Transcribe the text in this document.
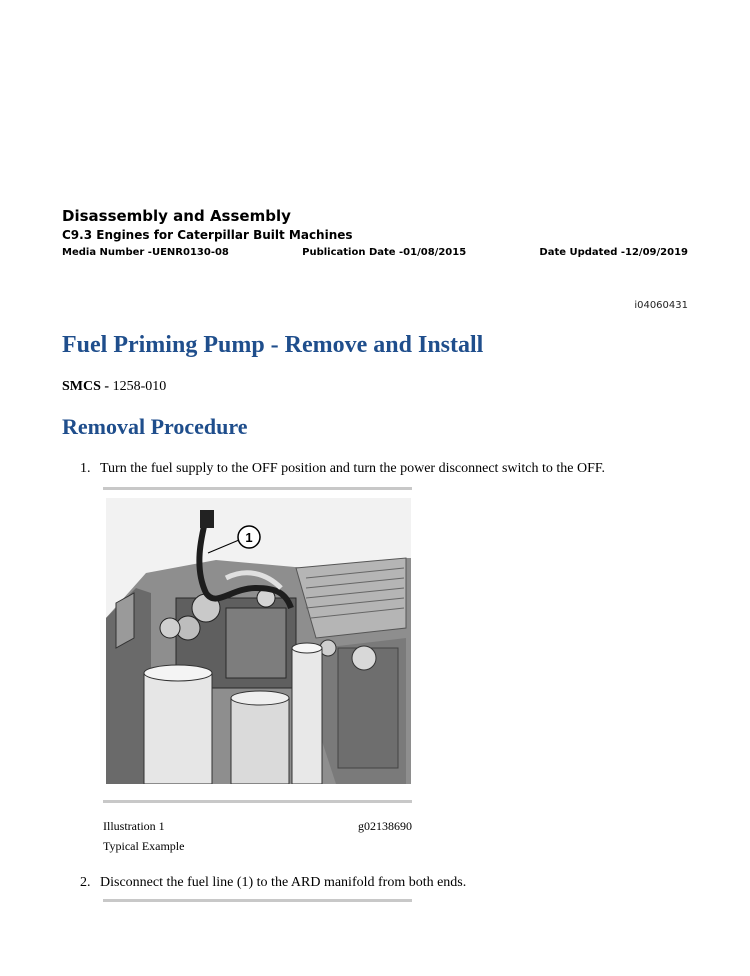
Disassembly and Assembly
C9.3 Engines for Caterpillar Built Machines
Media Number -UENR0130-08	Publication Date -01/08/2015	Date Updated -12/09/2019
i04060431
Fuel Priming Pump - Remove and Install
SMCS - 1258-010
Removal Procedure
1. Turn the fuel supply to the OFF position and turn the power disconnect switch to the OFF.
1
Illustration 1	g02138690
Typical Example
2. Disconnect the fuel line (1) to the ARD manifold from both ends.
